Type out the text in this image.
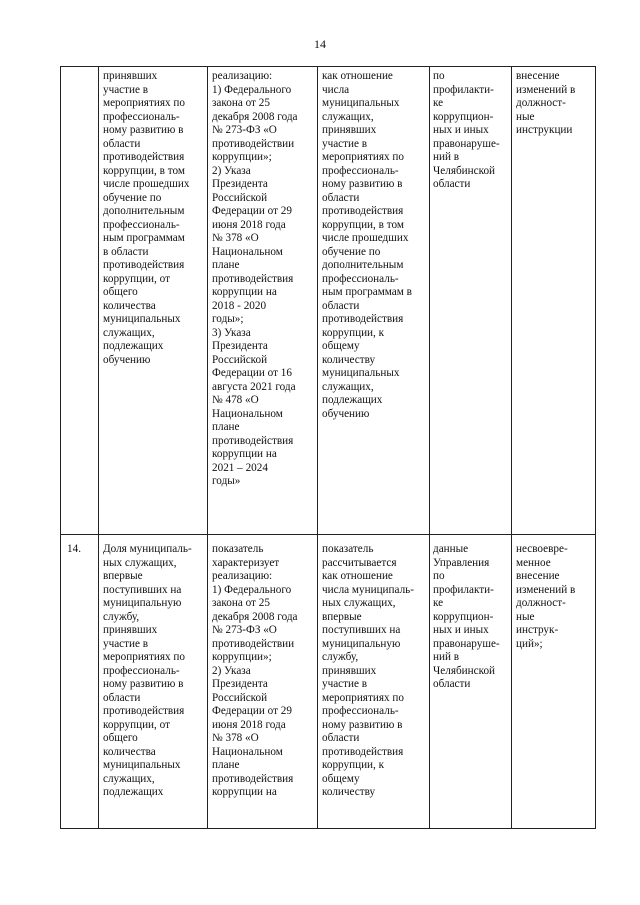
14
принявших
участие в
мероприятиях по
профессиональ-
ному развитию в
области
противодействия
коррупции, в том
числе прошедших
обучение по
дополнительным
профессиональ-
ным программам
в области
противодействия
коррупции, от
общего
количества
муниципальных
служащих,
подлежащих
обучению
реализацию:
1) Федерального
закона от 25
декабря 2008 года
№ 273-ФЗ «О
противодействии
коррупции»;
2) Указа
Президента
Российской
Федерации от 29
июня 2018 года
№ 378 «О
Национальном
плане
противодействия
коррупции на
2018 - 2020
годы»;
3) Указа
Президента
Российской
Федерации от 16
августа 2021 года
№ 478 «О
Национальном
плане
противодействия
коррупции на
2021 – 2024
годы»
как отношение
числа
муниципальных
служащих,
принявших
участие в
мероприятиях по
профессиональ-
ному развитию в
области
противодействия
коррупции, в том
числе прошедших
обучение по
дополнительным
профессиональ-
ным программам в
области
противодействия
коррупции, к
общему
количеству
муниципальных
служащих,
подлежащих
обучению
по
профилакти-
ке
коррупцион-
ных и иных
правонаруше-
ний в
Челябинской
области
внесение
изменений в
должност-
ные
инструкции
14.	Доля муниципаль-
ных служащих,
впервые
поступивших на
муниципальную
службу,
принявших
участие в
мероприятиях по
профессиональ-
ному развитию в
области
противодействия
коррупции, от
общего
количества
муниципальных
служащих,
подлежащих
показатель
характеризует
реализацию:
1) Федерального
закона от 25
декабря 2008 года
№ 273-ФЗ «О
противодействии
коррупции»;
2) Указа
Президента
Российской
Федерации от 29
июня 2018 года
№ 378 «О
Национальном
плане
противодействия
коррупции на
показатель
рассчитывается
как отношение
числа муниципаль-
ных служащих,
впервые
поступивших на
муниципальную
службу,
принявших
участие в
мероприятиях по
профессиональ-
ному развитию в
области
противодействия
коррупции, к
общему
количеству
данные
Управления
по
профилакти-
ке
коррупцион-
ных и иных
правонаруше-
ний в
Челябинской
области
несвоевре-
менное
внесение
изменений в
должност-
ные
инструк-
ций»;
